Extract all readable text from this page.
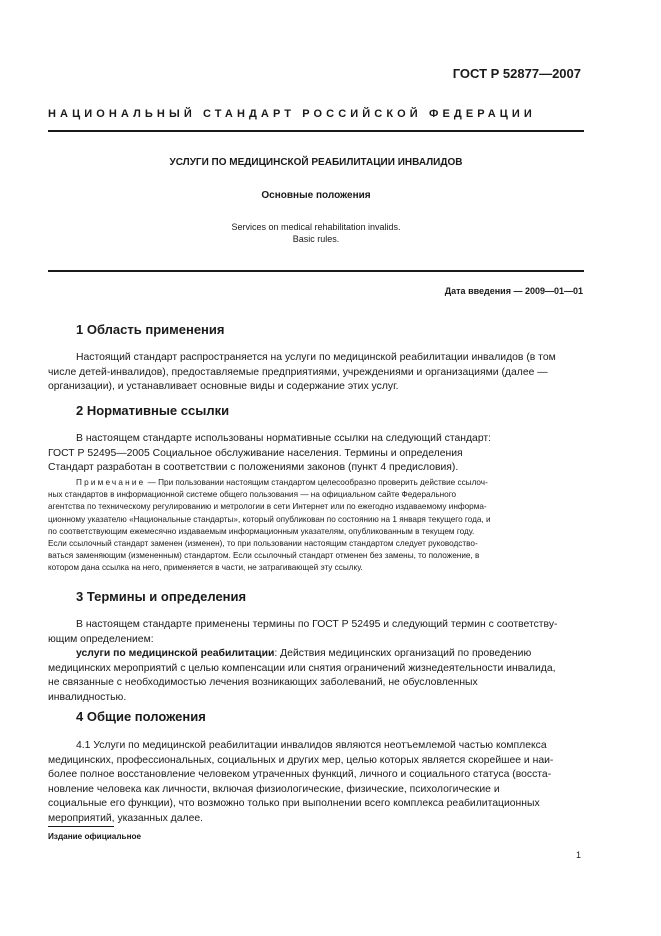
ГОСТ Р 52877—2007
НАЦИОНАЛЬНЫЙ СТАНДАРТ РОССИЙСКОЙ ФЕДЕРАЦИИ
УСЛУГИ ПО МЕДИЦИНСКОЙ РЕАБИЛИТАЦИИ ИНВАЛИДОВ
Основные положения
Services on medical rehabilitation invalids.
Basic rules.
Дата введения — 2009—01—01
1 Область применения
Настоящий стандарт распространяется на услуги по медицинской реабилитации инвалидов (в том
числе детей-инвалидов), предоставляемые предприятиями, учреждениями и организациями (далее —
организации), и устанавливает основные виды и содержание этих услуг.
2 Нормативные ссылки
В настоящем стандарте использованы нормативные ссылки на следующий стандарт:
ГОСТ Р 52495—2005 Социальное обслуживание населения. Термины и определения
Стандарт разработан в соответствии с положениями законов (пункт 4 предисловия).
Примечание — При пользовании настоящим стандартом целесообразно проверить действие ссылоч-
ных стандартов в информационной системе общего пользования — на официальном сайте Федерального
агентства по техническому регулированию и метрологии в сети Интернет или по ежегодно издаваемому информа-
ционному указателю «Национальные стандарты», который опубликован по состоянию на 1 января текущего года, и
по соответствующим ежемесячно издаваемым информационным указателям, опубликованным в текущем году.
Если ссылочный стандарт заменен (изменен), то при пользовании настоящим стандартом следует руководство-
ваться заменяющим (измененным) стандартом. Если ссылочный стандарт отменен без замены, то положение, в
котором дана ссылка на него, применяется в части, не затрагивающей эту ссылку.
3 Термины и определения
В настоящем стандарте применены термины по ГОСТ Р 52495 и следующий термин с соответству-
ющим определением:
услуги по медицинской реабилитации: Действия медицинских организаций по проведению
медицинских мероприятий с целью компенсации или снятия ограничений жизнедеятельности инвалида,
не связанные с необходимостью лечения возникающих заболеваний, не обусловленных
инвалидностью.
4 Общие положения
4.1 Услуги по медицинской реабилитации инвалидов являются неотъемлемой частью комплекса
медицинских, профессиональных, социальных и других мер, целью которых является скорейшее и наи-
более полное восстановление человеком утраченных функций, личного и социального статуса (восста-
новление человека как личности, включая физиологические, физические, психологические и
социальные его функции), что возможно только при выполнении всего комплекса реабилитационных
мероприятий, указанных далее.
Издание официальное
1
